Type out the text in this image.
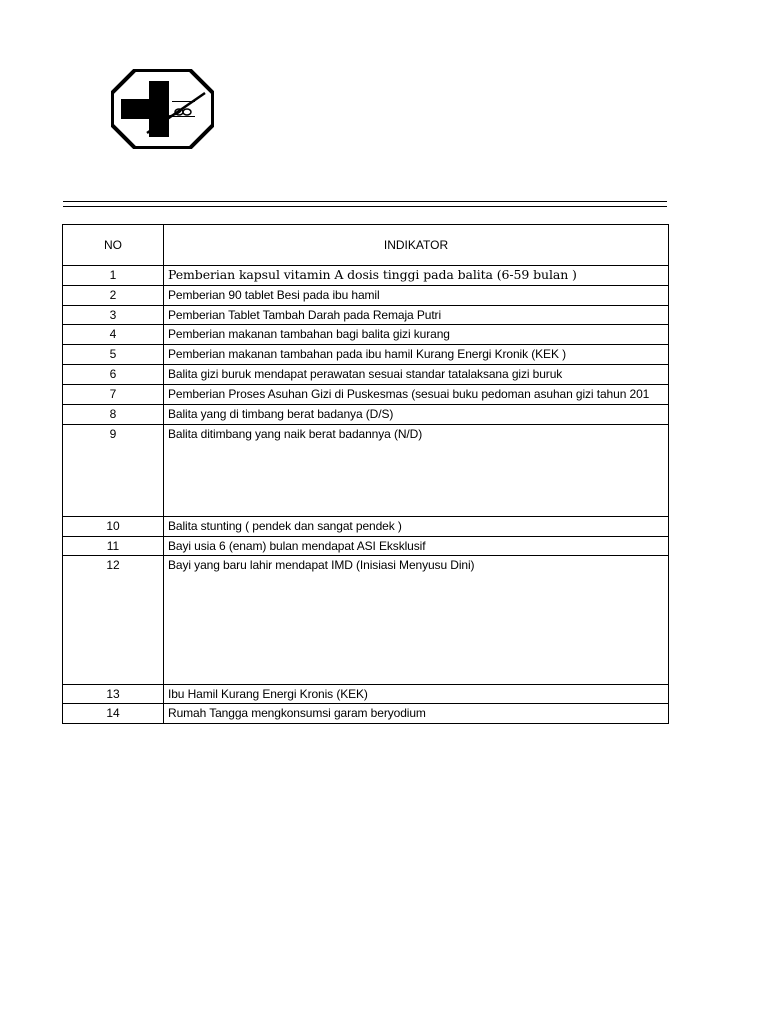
NO	INDIKATOR
1	Pemberian kapsul vitamin A dosis tinggi pada balita (6-59 bulan )
2	Pemberian 90 tablet Besi pada ibu hamil
3	Pemberian Tablet Tambah Darah pada Remaja Putri
4	Pemberian makanan tambahan bagi balita gizi kurang
5	Pemberian makanan tambahan pada ibu hamil Kurang Energi Kronik (KEK )
6	Balita gizi buruk mendapat perawatan sesuai standar tatalaksana gizi buruk
7	Pemberian Proses Asuhan Gizi di Puskesmas (sesuai buku pedoman asuhan gizi tahun 201
8	Balita yang di timbang berat badanya (D/S)
9	Balita ditimbang yang naik berat badannya (N/D)
10	Balita stunting ( pendek dan sangat pendek )
11	Bayi usia 6 (enam) bulan mendapat ASI Eksklusif
12	Bayi yang baru lahir mendapat IMD (Inisiasi Menyusu Dini)
13	Ibu Hamil Kurang Energi Kronis (KEK)
14	Rumah Tangga mengkonsumsi garam beryodium
